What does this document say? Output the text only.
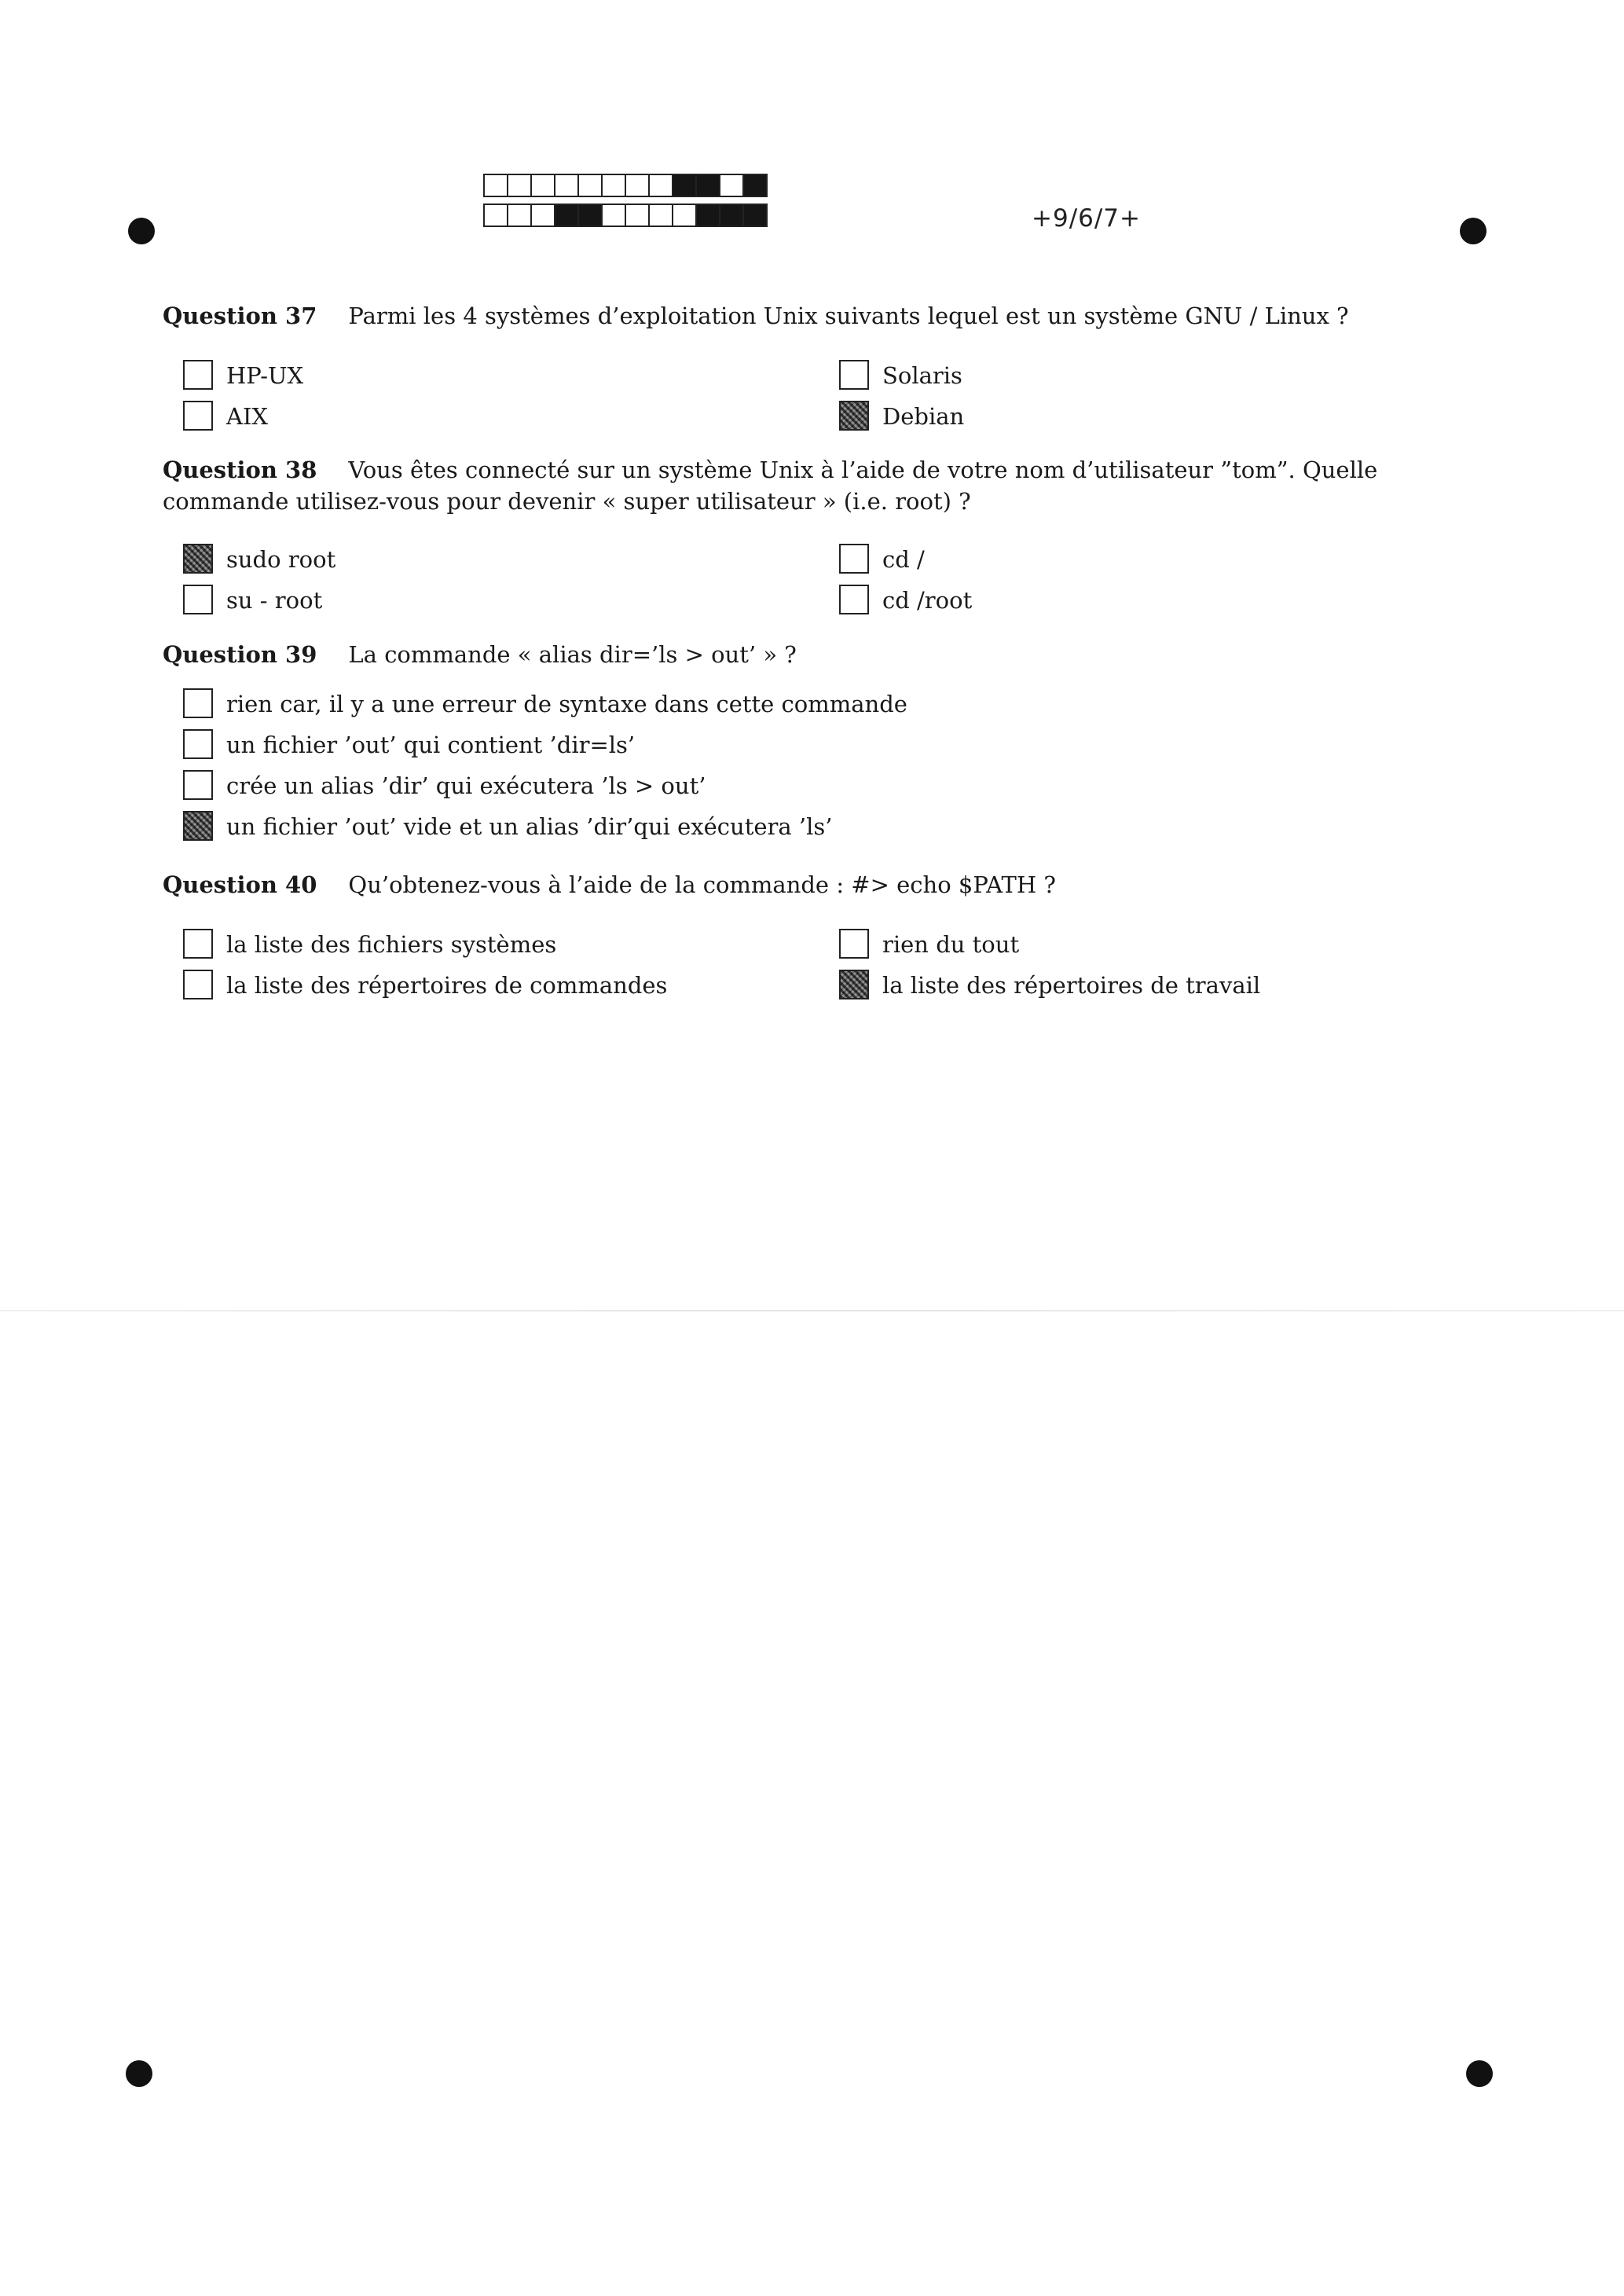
+9/6/7+
Question 37 Parmi les 4 systèmes d’exploitation Unix suivants lequel est un système GNU / Linux ?
HP-UX	Solaris
AIX	Debian
Question 38 Vous êtes connecté sur un système Unix à l’aide de votre nom d’utilisateur ”tom”. Quelle commande utilisez-vous pour devenir « super utilisateur » (i.e. root) ?
sudo root	cd /
su - root	cd /root
Question 39 La commande « alias dir=’ls > out’ » ?
rien car, il y a une erreur de syntaxe dans cette commande
un fichier ’out’ qui contient ’dir=ls’
crée un alias ’dir’ qui exécutera ’ls > out’
un fichier ’out’ vide et un alias ’dir’qui exécutera ’ls’
Question 40 Qu’obtenez-vous à l’aide de la commande : #> echo $PATH ?
la liste des fichiers systèmes	rien du tout
la liste des répertoires de commandes	la liste des répertoires de travail
